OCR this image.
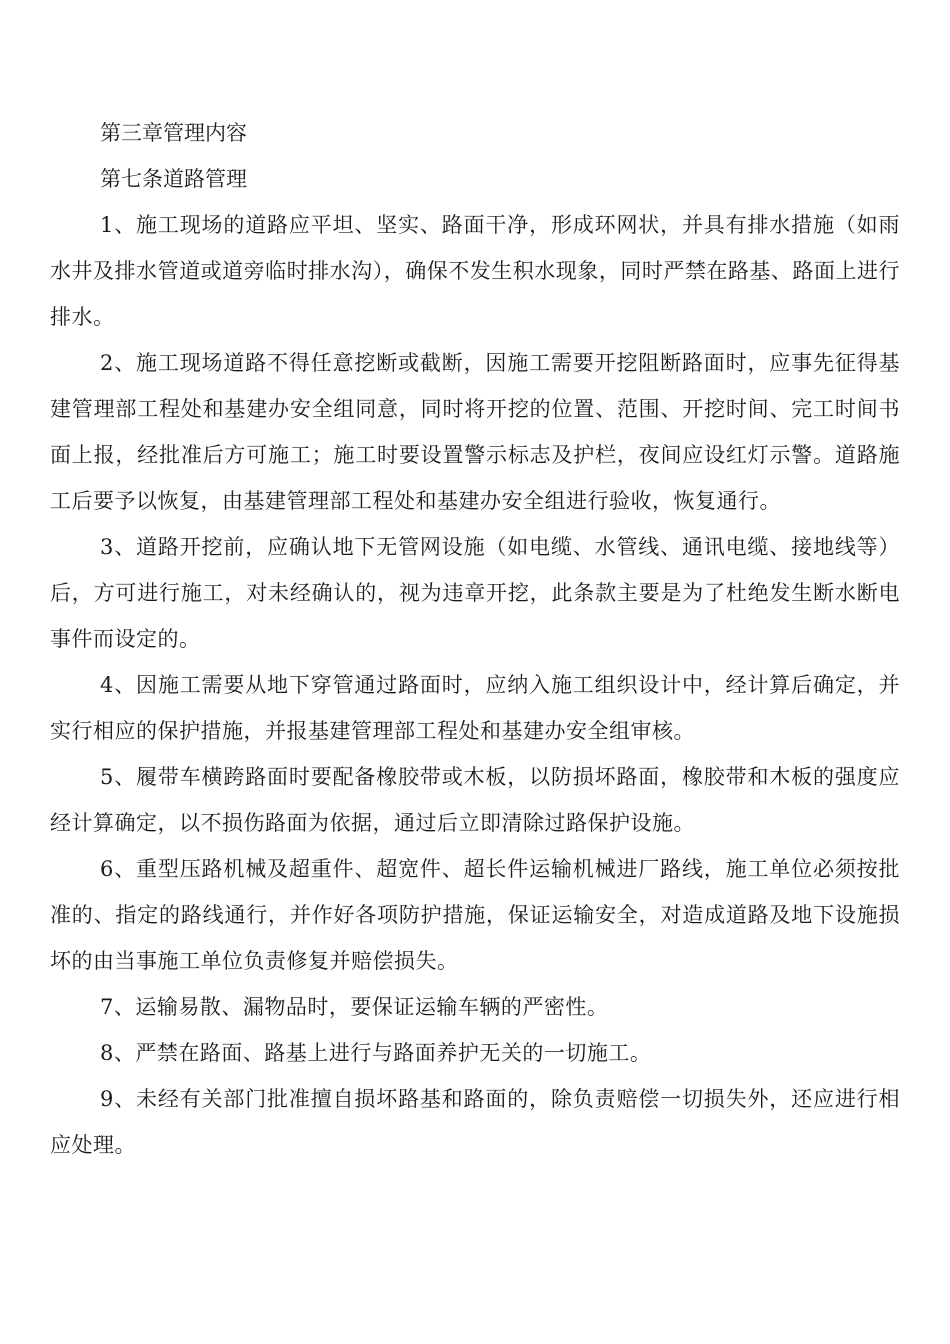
第三章管理内容

第七条道路管理

1、施工现场的道路应平坦、坚实、路面干净，形成环网状，并具有排水措施（如雨水井及排水管道或道旁临时排水沟），确保不发生积水现象，同时严禁在路基、路面上进行排水。

2、施工现场道路不得任意挖断或截断，因施工需要开挖阻断路面时，应事先征得基建管理部工程处和基建办安全组同意，同时将开挖的位置、范围、开挖时间、完工时间书面上报，经批准后方可施工；施工时要设置警示标志及护栏，夜间应设红灯示警。道路施工后要予以恢复，由基建管理部工程处和基建办安全组进行验收，恢复通行。

3、道路开挖前，应确认地下无管网设施（如电缆、水管线、通讯电缆、接地线等）后，方可进行施工，对未经确认的，视为违章开挖，此条款主要是为了杜绝发生断水断电事件而设定的。

4、因施工需要从地下穿管通过路面时，应纳入施工组织设计中，经计算后确定，并实行相应的保护措施，并报基建管理部工程处和基建办安全组审核。

5、履带车横跨路面时要配备橡胶带或木板，以防损坏路面，橡胶带和木板的强度应经计算确定，以不损伤路面为依据，通过后立即清除过路保护设施。

6、重型压路机械及超重件、超宽件、超长件运输机械进厂路线，施工单位必须按批准的、指定的路线通行，并作好各项防护措施，保证运输安全，对造成道路及地下设施损坏的由当事施工单位负责修复并赔偿损失。

7、运输易散、漏物品时，要保证运输车辆的严密性。

8、严禁在路面、路基上进行与路面养护无关的一切施工。

9、未经有关部门批准擅自损坏路基和路面的，除负责赔偿一切损失外，还应进行相应处理。
